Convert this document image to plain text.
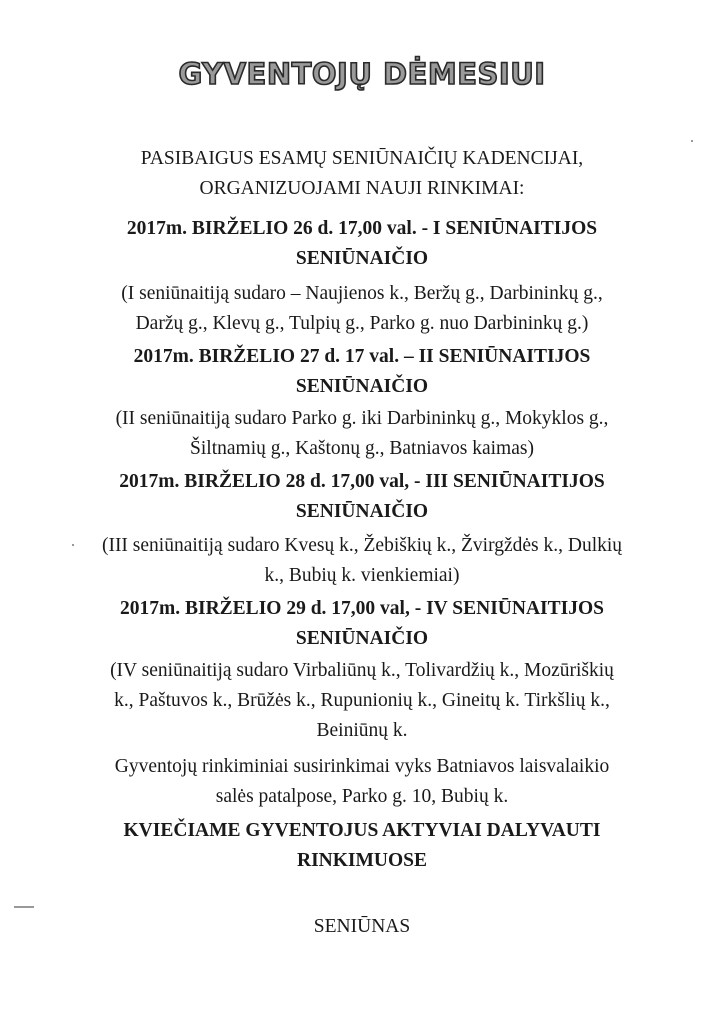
GYVENTOJŲ DĖMESIUI
PASIBAIGUS ESAMŲ SENIŪNAIČIŲ KADENCIJAI,
ORGANIZUOJAMI NAUJI RINKIMAI:
2017m. BIRŽELIO 26 d. 17,00 val. - I SENIŪNAITIJOS
SENIŪNAIČIO
(I seniūnaitiją sudaro – Naujienos k., Beržų g., Darbininkų g.,
Daržų g., Klevų g., Tulpių g., Parko g. nuo Darbininkų g.)
2017m. BIRŽELIO 27 d. 17 val. – II SENIŪNAITIJOS
SENIŪNAIČIO
(II seniūnaitiją sudaro Parko g. iki Darbininkų g., Mokyklos g.,
Šiltnamių g., Kaštonų g., Batniavos kaimas)
2017m. BIRŽELIO 28 d. 17,00 val, - III SENIŪNAITIJOS
SENIŪNAIČIO
(III seniūnaitiją sudaro Kvesų k., Žebiškių k., Žvirgždės k., Dulkių
k., Bubių k. vienkiemiai)
2017m. BIRŽELIO 29 d. 17,00 val, - IV SENIŪNAITIJOS
SENIŪNAIČIO
(IV seniūnaitiją sudaro Virbaliūnų k., Tolivardžių k., Mozūriškių
k., Paštuvos k., Brūžės k., Rupunionių k., Gineitų k. Tirkšlių k.,
Beiniūnų k.
Gyventojų rinkiminiai susirinkimai vyks Batniavos laisvalaikio
salės patalpose, Parko g. 10, Bubių k.
KVIEČIAME GYVENTOJUS AKTYVIAI DALYVAUTI
RINKIMUOSE
SENIŪNAS
